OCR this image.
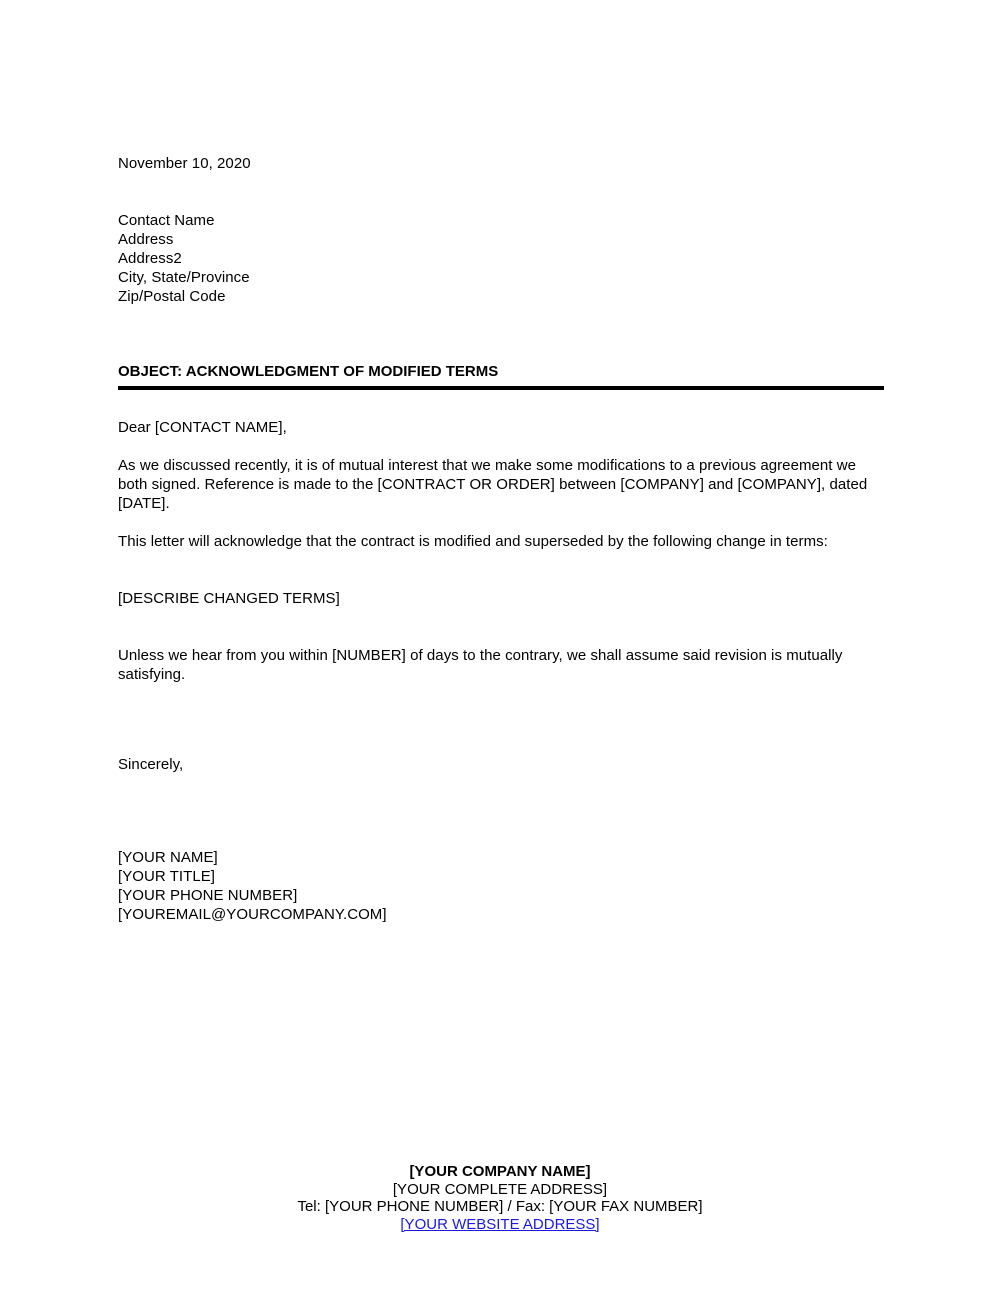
November 10, 2020
Contact Name
Address
Address2
City, State/Province
Zip/Postal Code
OBJECT: ACKNOWLEDGMENT OF MODIFIED TERMS

Dear [CONTACT NAME],

As we discussed recently, it is of mutual interest that we make some modifications to a previous agreement we both signed. Reference is made to the [CONTRACT OR ORDER] between [COMPANY] and [COMPANY], dated [DATE].

This letter will acknowledge that the contract is modified and superseded by the following change in terms:

[DESCRIBE CHANGED TERMS]

Unless we hear from you within [NUMBER] of days to the contrary, we shall assume said revision is mutually satisfying.

Sincerely,
[YOUR NAME]
[YOUR TITLE]
[YOUR PHONE NUMBER]
[YOUREMAIL@YOURCOMPANY.COM]
[YOUR COMPANY NAME]
[YOUR COMPLETE ADDRESS]
Tel: [YOUR PHONE NUMBER] / Fax: [YOUR FAX NUMBER]
[YOUR WEBSITE ADDRESS]
